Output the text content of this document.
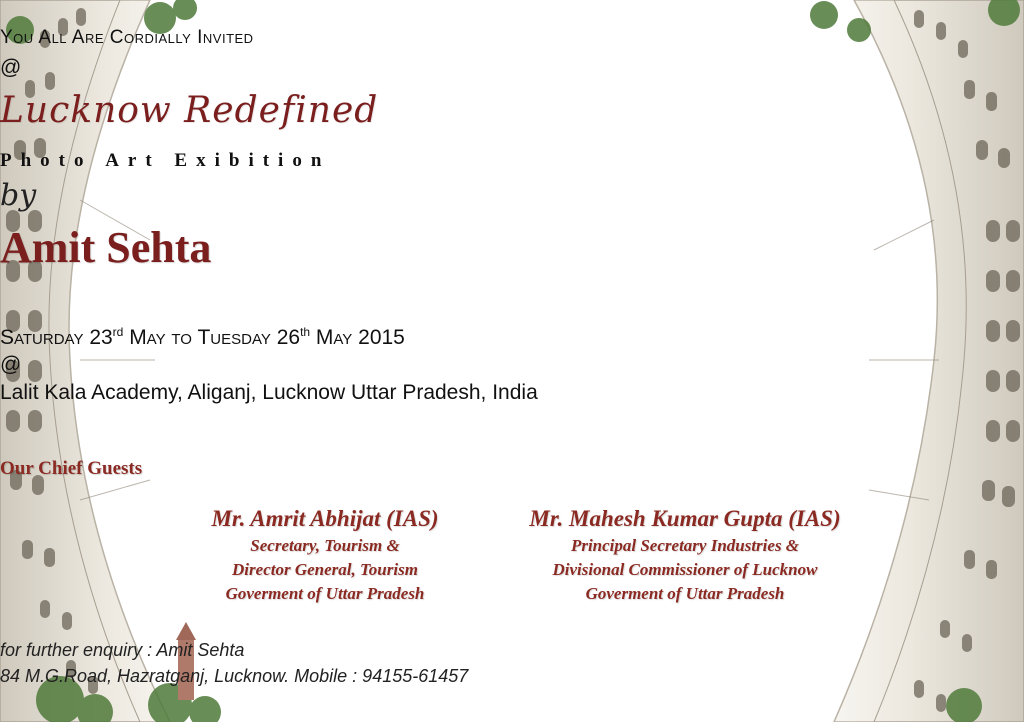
You All Are Cordially Invited
@
Lucknow Redefined
Photo Art Exibition
by
Amit Sehta
Saturday 23rd May to Tuesday 26th May 2015
@
Lalit Kala Academy, Aliganj, Lucknow Uttar Pradesh, India
Our Chief Guests
Mr. Amrit Abhijat (IAS)
Secretary, Tourism &
Director General, Tourism
Goverment of Uttar Pradesh
Mr. Mahesh Kumar Gupta (IAS)
Principal Secretary Industries &
Divisional Commissioner of Lucknow
Goverment of Uttar Pradesh
for further enquiry : Amit Sehta
84 M.G.Road, Hazratganj, Lucknow. Mobile : 94155-61457
